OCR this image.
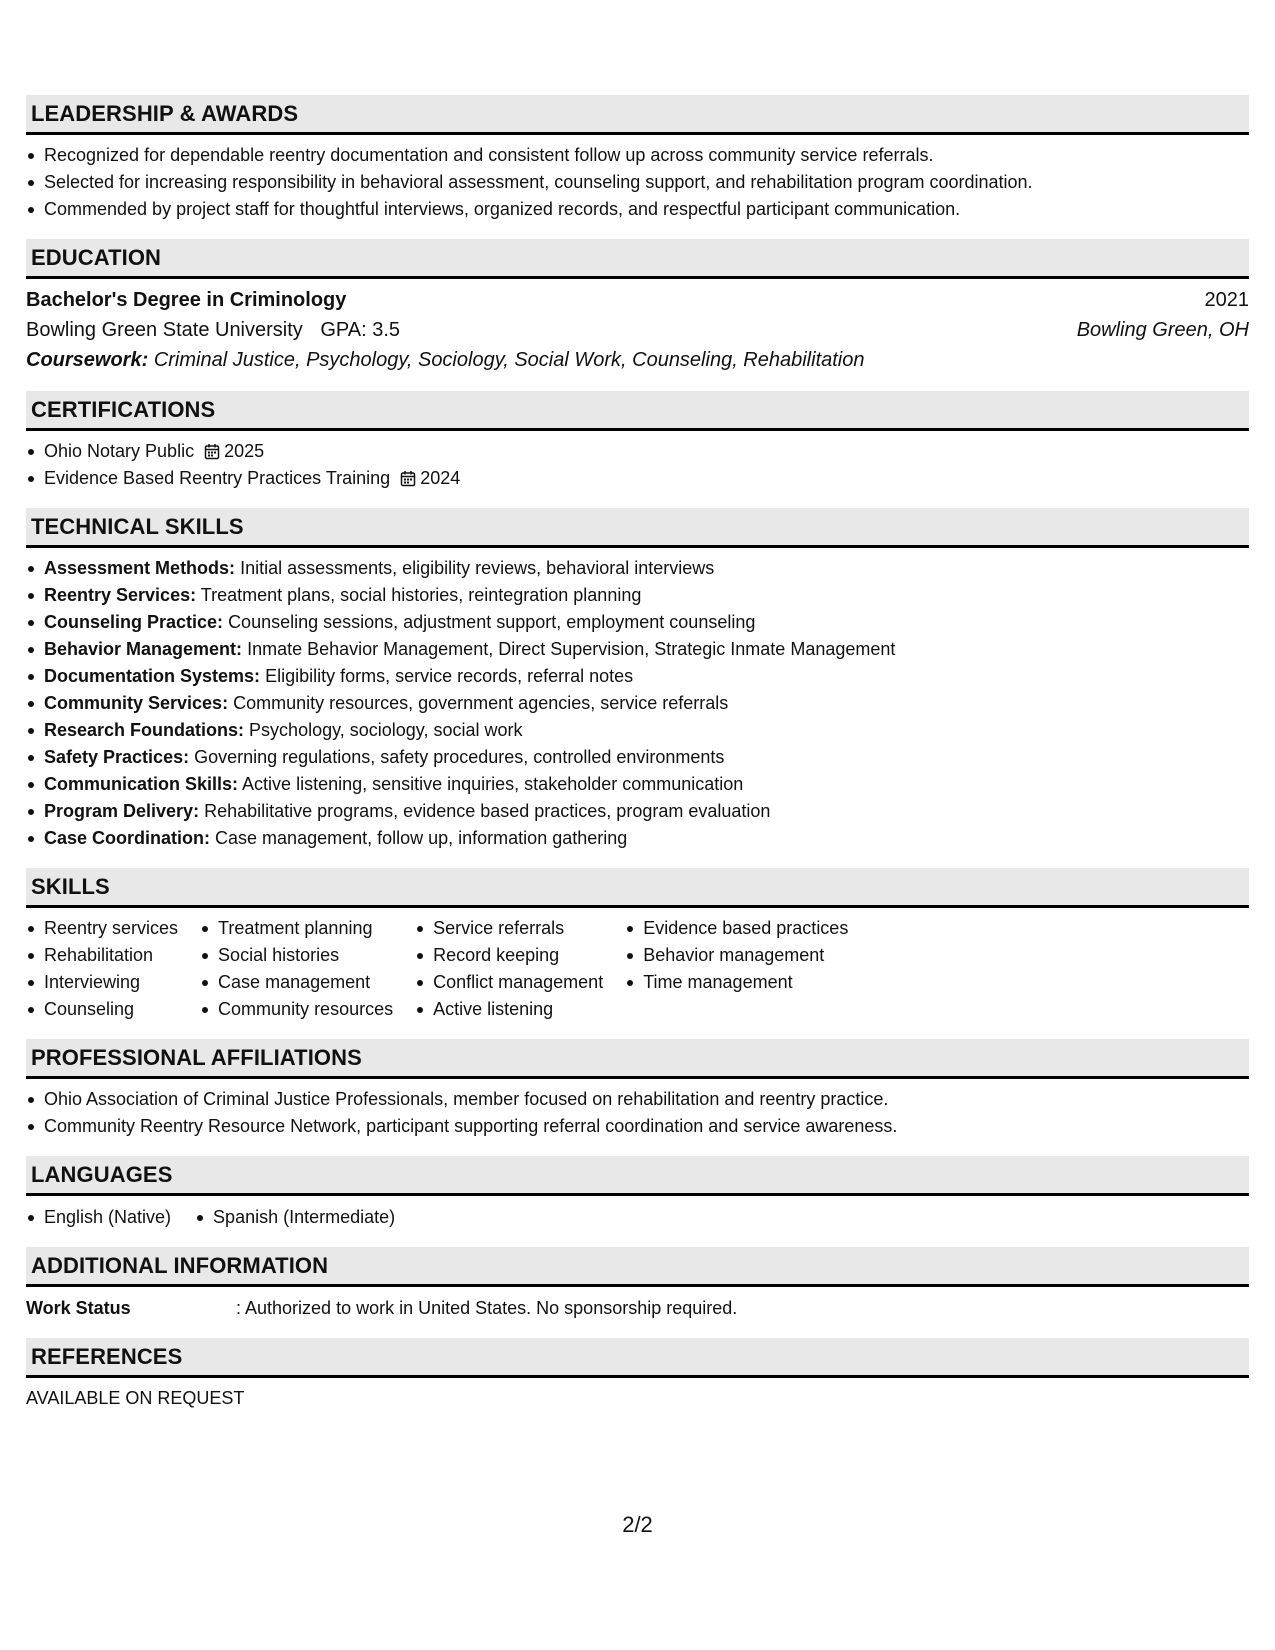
LEADERSHIP & AWARDS
Recognized for dependable reentry documentation and consistent follow up across community service referrals.
Selected for increasing responsibility in behavioral assessment, counseling support, and rehabilitation program coordination.
Commended by project staff for thoughtful interviews, organized records, and respectful participant communication.
EDUCATION
Bachelor's Degree in Criminology	2021
Bowling Green State University GPA: 3.5	Bowling Green, OH
Coursework: Criminal Justice, Psychology, Sociology, Social Work, Counseling, Rehabilitation
CERTIFICATIONS
Ohio Notary Public 2025
Evidence Based Reentry Practices Training 2024
TECHNICAL SKILLS
Assessment Methods: Initial assessments, eligibility reviews, behavioral interviews
Reentry Services: Treatment plans, social histories, reintegration planning
Counseling Practice: Counseling sessions, adjustment support, employment counseling
Behavior Management: Inmate Behavior Management, Direct Supervision, Strategic Inmate Management
Documentation Systems: Eligibility forms, service records, referral notes
Community Services: Community resources, government agencies, service referrals
Research Foundations: Psychology, sociology, social work
Safety Practices: Governing regulations, safety procedures, controlled environments
Communication Skills: Active listening, sensitive inquiries, stakeholder communication
Program Delivery: Rehabilitative programs, evidence based practices, program evaluation
Case Coordination: Case management, follow up, information gathering
SKILLS
Reentry services
Rehabilitation
Interviewing
Counseling
Treatment planning
Social histories
Case management
Community resources
Service referrals
Record keeping
Conflict management
Active listening
Evidence based practices
Behavior management
Time management
PROFESSIONAL AFFILIATIONS
Ohio Association of Criminal Justice Professionals, member focused on rehabilitation and reentry practice.
Community Reentry Resource Network, participant supporting referral coordination and service awareness.
LANGUAGES
English (Native)	Spanish (Intermediate)
ADDITIONAL INFORMATION
Work Status	: Authorized to work in United States. No sponsorship required.
REFERENCES
AVAILABLE ON REQUEST
2/2
